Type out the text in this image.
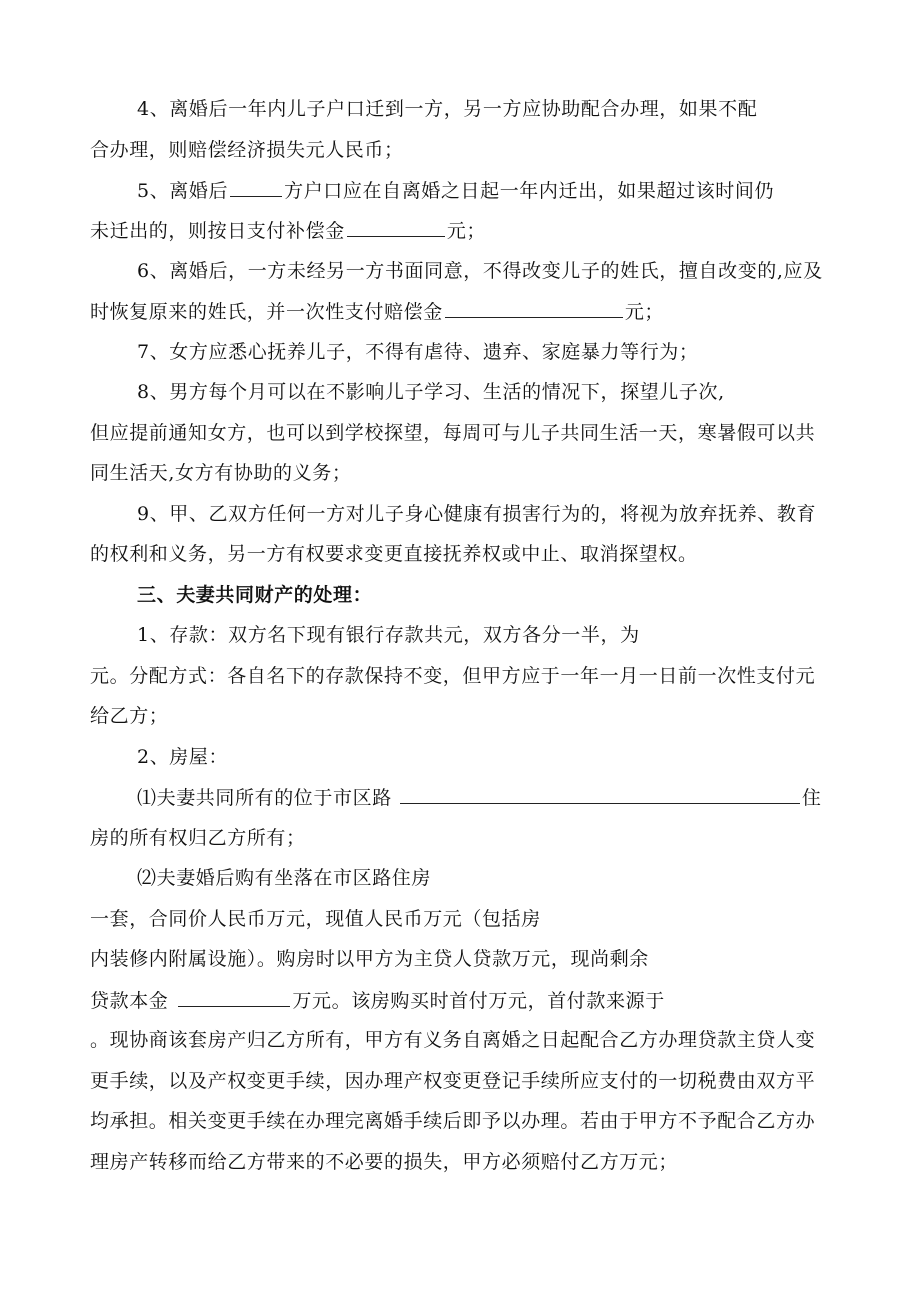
4、离婚后一年内儿子户口迁到一方，另一方应协助配合办理，如果不配
合办理，则赔偿经济损失元人民币；
5、离婚后	方户口应在自离婚之日起一年内迁出，如果超过该时间仍
未迁出的，则按日支付补偿金	元；
6、离婚后，一方未经另一方书面同意，不得改变儿子的姓氏，擅自改变的,应及
时恢复原来的姓氏，并一次性支付赔偿金	元；
7、女方应悉心抚养儿子，不得有虐待、遗弃、家庭暴力等行为；
8、男方每个月可以在不影响儿子学习、生活的情况下，探望儿子次,
但应提前通知女方，也可以到学校探望，每周可与儿子共同生活一天，寒暑假可以共
同生活天,女方有协助的义务；
9、甲、乙双方任何一方对儿子身心健康有损害行为的，将视为放弃抚养、教育
的权利和义务，另一方有权要求变更直接抚养权或中止、取消探望权。
三、夫妻共同财产的处理：
1、存款：双方名下现有银行存款共元，双方各分一半，为
元。分配方式：各自名下的存款保持不变，但甲方应于一年一月一日前一次性支付元
给乙方；
2、房屋：
⑴夫妻共同所有的位于市区路	住
房的所有权归乙方所有；
⑵夫妻婚后购有坐落在市区路住房
一套，合同价人民币万元，现值人民币万元（包括房
内装修内附属设施）。购房时以甲方为主贷人贷款万元，现尚剩余
贷款本金	万元。该房购买时首付万元，首付款来源于
。现协商该套房产归乙方所有，甲方有义务自离婚之日起配合乙方办理贷款主贷人变
更手续，以及产权变更手续，因办理产权变更登记手续所应支付的一切税费由双方平
均承担。相关变更手续在办理完离婚手续后即予以办理。若由于甲方不予配合乙方办
理房产转移而给乙方带来的不必要的损失，甲方必须赔付乙方万元；
